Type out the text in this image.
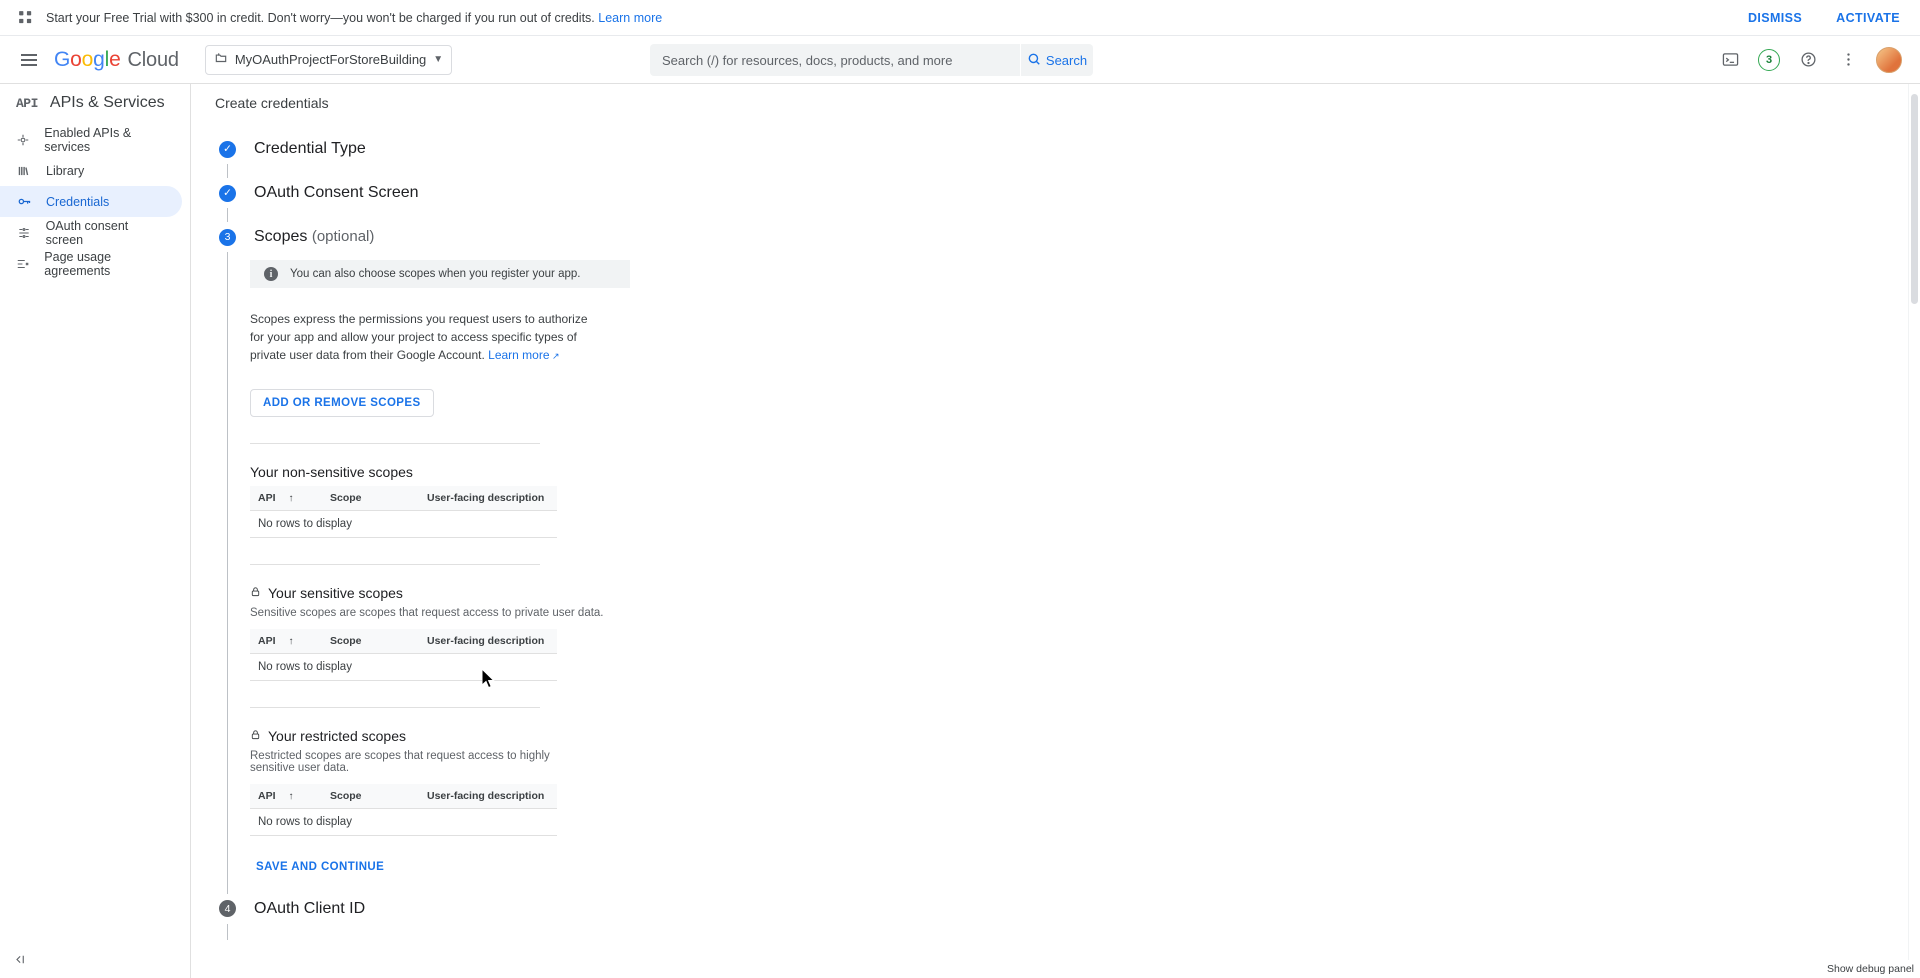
Start your Free Trial with $300 in credit. Don't worry—you won't be charged if you run out of credits. Learn more	DISMISS	ACTIVATE
G o o g l e Cloud	MyOAuthProjectForStoreBuilding ▼
Search (/) for resources, docs, products, and more	Search	3
API APIs & Services
Enabled APIs & services
Library
Credentials
OAuth consent screen
Page usage agreements
Create credentials
✓ Credential Type
✓ OAuth Consent Screen
3	Scopes (optional)
i	You can also choose scopes when you register your app.

Scopes express the permissions you request users to authorize for your app and allow your project to access specific types of private user data from their Google Account. Learn more ↗

ADD OR REMOVE SCOPES
Your non-sensitive scopes
API ↑	Scope	User-facing description
No rows to display
Your sensitive scopes

Sensitive scopes are scopes that request access to private user data.

API ↑	Scope	User-facing description
No rows to display
Your restricted scopes

Restricted scopes are scopes that request access to highly sensitive user data.

API ↑	Scope	User-facing description
No rows to display
SAVE AND CONTINUE
4	OAuth Client ID
Show debug panel
